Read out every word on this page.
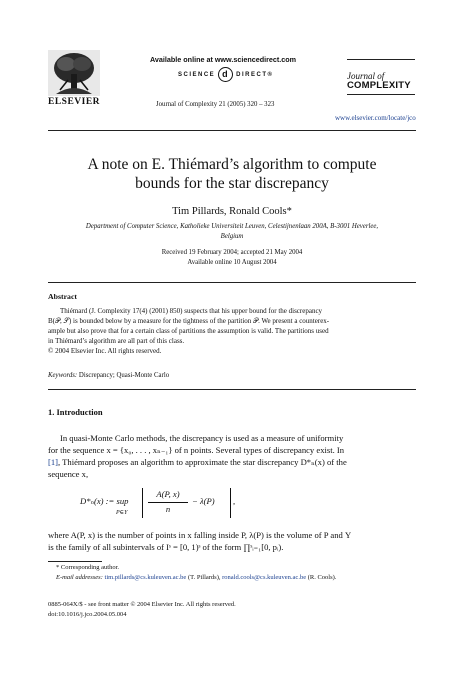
Available online at www.sciencedirect.com
SCIENCE d DIRECT®
ELSEVIER	Journal of Complexity 21 (2005) 320 – 323
Journal of
COMPLEXITY
www.elsevier.com/locate/jco
A note on E. Thiémard’s algorithm to compute
bounds for the star discrepancy
Tim Pillards, Ronald Cools*
Department of Computer Science, Katholieke Universiteit Leuven, Celestijnenlaan 200A, B-3001 Heverlee,
Belgium
Received 19 February 2004; accepted 21 May 2004
Available online 10 August 2004
Abstract
Thiémard (J. Complexity 17(4) (2001) 850) suspects that his upper bound for the discrepancy
B(𝒫, 𝒮) is bounded below by a measure for the tightness of the partition 𝒫. We present a counterex-
ample but also prove that for a certain class of partitions the assumption is valid. The partitions used
in Thiémard’s algorithm are all part of this class.
© 2004 Elsevier Inc. All rights reserved.
Keywords: Discrepancy; Quasi-Monte Carlo
1. Introduction
In quasi-Monte Carlo methods, the discrepancy is used as a measure of uniformity
for the sequence x = {x₀, . . . , xₙ₋₁} of n points. Several types of discrepancy exist. In
[1], Thiémard proposes an algorithm to approximate the star discrepancy D*ₙ(x) of the
sequence x,
D*ₙ(x) := sup
P∈Υ
A(P, x)
n
− λ(P) ,
where A(P, x) is the number of points in x falling inside P, λ(P) is the volume of P and Υ
is the family of all subintervals of Iˢ = [0, 1)ˢ of the form ∏ˢᵢ₌₁[0, pᵢ).
* Corresponding author.
E-mail addresses: tim.pillards@cs.kuleuven.ac.be (T. Pillards), ronald.cools@cs.kuleuven.ac.be (R. Cools).
0885-064X/$ - see front matter © 2004 Elsevier Inc. All rights reserved.
doi:10.1016/j.jco.2004.05.004
